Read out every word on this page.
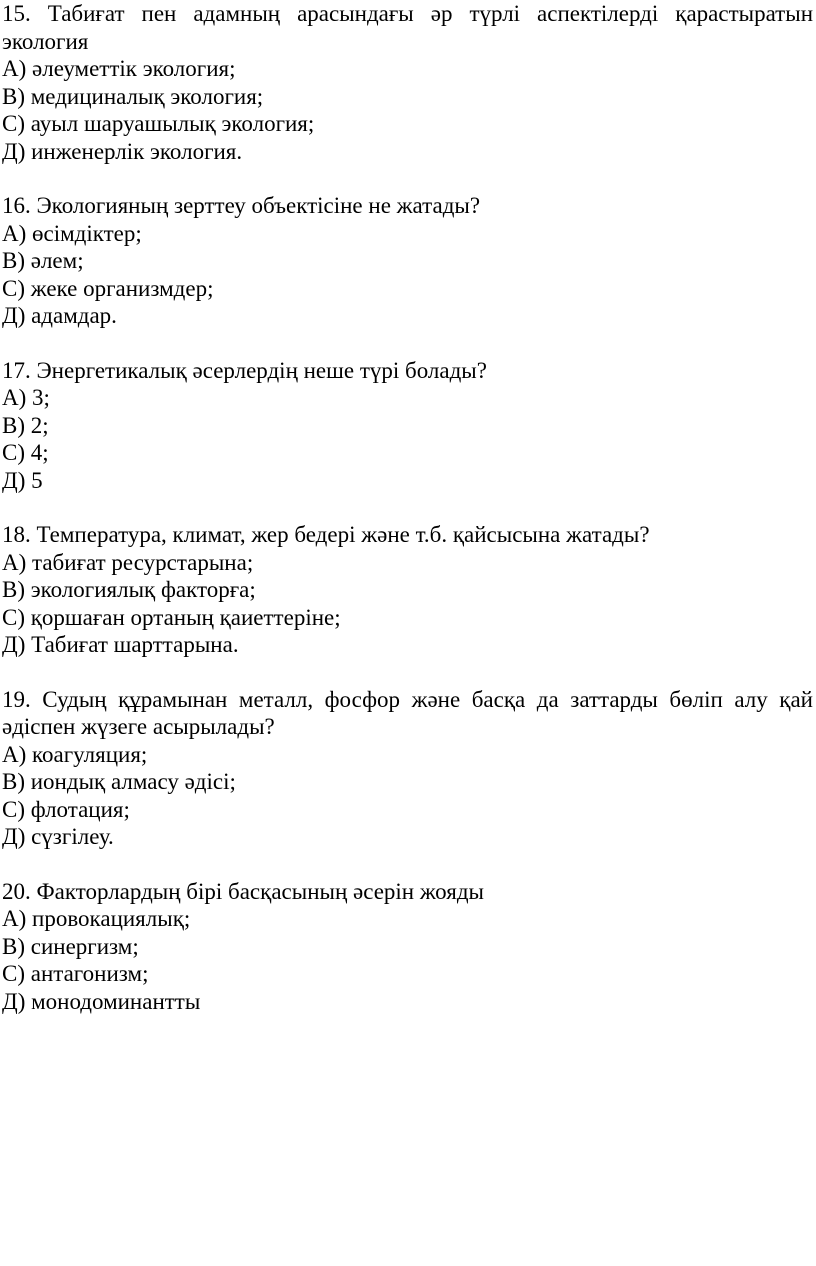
15. Табиғат пен адамның арасындағы әр түрлі аспектілерді қарастыратын экология
А) әлеуметтік экология;
В) медициналық экология;
С) ауыл шаруашылық экология;
Д) инженерлік экология.
16. Экологияның зерттеу объектісіне не жатады?
А) өсімдіктер;
В) әлем;
С) жеке организмдер;
Д) адамдар.
17. Энергетикалық әсерлердің неше түрі болады?
А) 3;
В) 2;
С) 4;
Д) 5
18. Температура, климат, жер бедері және т.б. қайсысына жатады?
А) табиғат ресурстарына;
В) экологиялық факторға;
С) қоршаған ортаның қаиеттеріне;
Д) Табиғат шарттарына.
19. Судың құрамынан металл, фосфор және басқа да заттарды бөліп алу қай әдіспен жүзеге асырылады?
А) коагуляция;
В) иондық алмасу әдісі;
С) флотация;
Д) сүзгілеу.
20. Факторлардың бірі басқасының әсерін жояды
А) провокациялық;
В) синергизм;
С) антагонизм;
Д) монодоминантты
